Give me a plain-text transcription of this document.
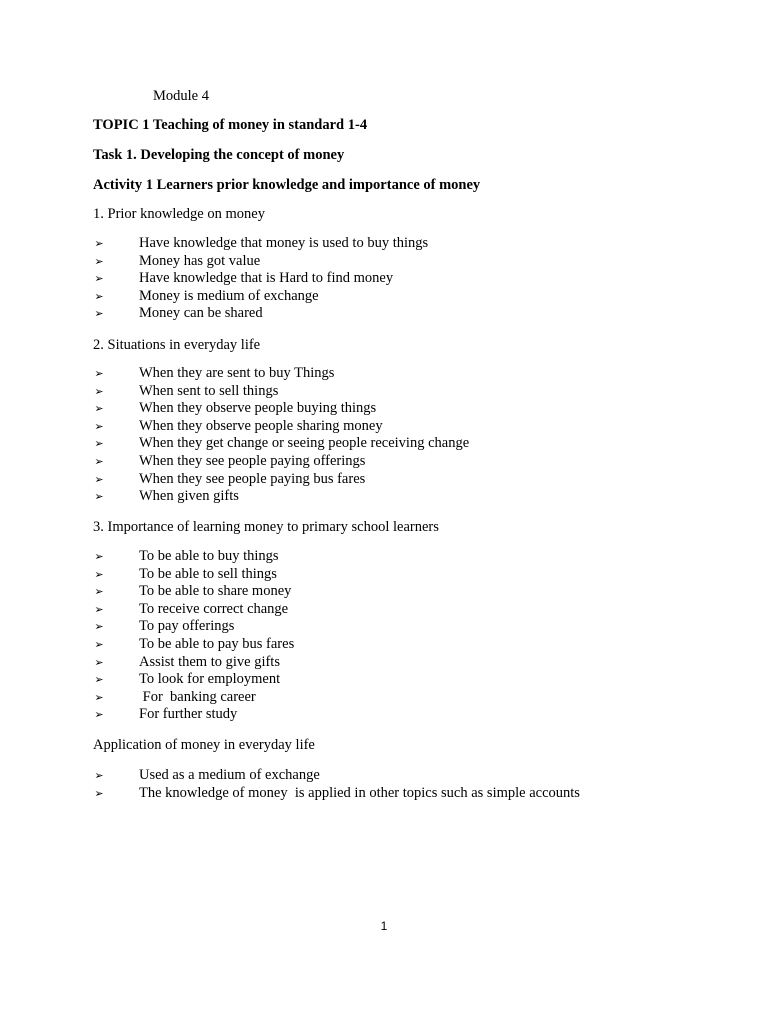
Module 4
TOPIC 1 Teaching of money in standard 1-4
Task 1. Developing the concept of money
Activity 1 Learners prior knowledge and importance of money
1. Prior knowledge on money
➢ Have knowledge that money is used to buy things
➢ Money has got value
➢ Have knowledge that is Hard to find money
➢ Money is medium of exchange
➢ Money can be shared
2. Situations in everyday life
➢ When they are sent to buy Things
➢ When sent to sell things
➢ When they observe people buying things
➢ When they observe people sharing money
➢ When they get change or seeing people receiving change
➢ When they see people paying offerings
➢ When they see people paying bus fares
➢ When given gifts
3. Importance of learning money to primary school learners
➢ To be able to buy things
➢ To be able to sell things
➢ To be able to share money
➢ To receive correct change
➢ To pay offerings
➢ To be able to pay bus fares
➢ Assist them to give gifts
➢ To look for employment
➢ For  banking career
➢ For further study
Application of money in everyday life
➢ Used as a medium of exchange
➢ The knowledge of money  is applied in other topics such as simple accounts
1
